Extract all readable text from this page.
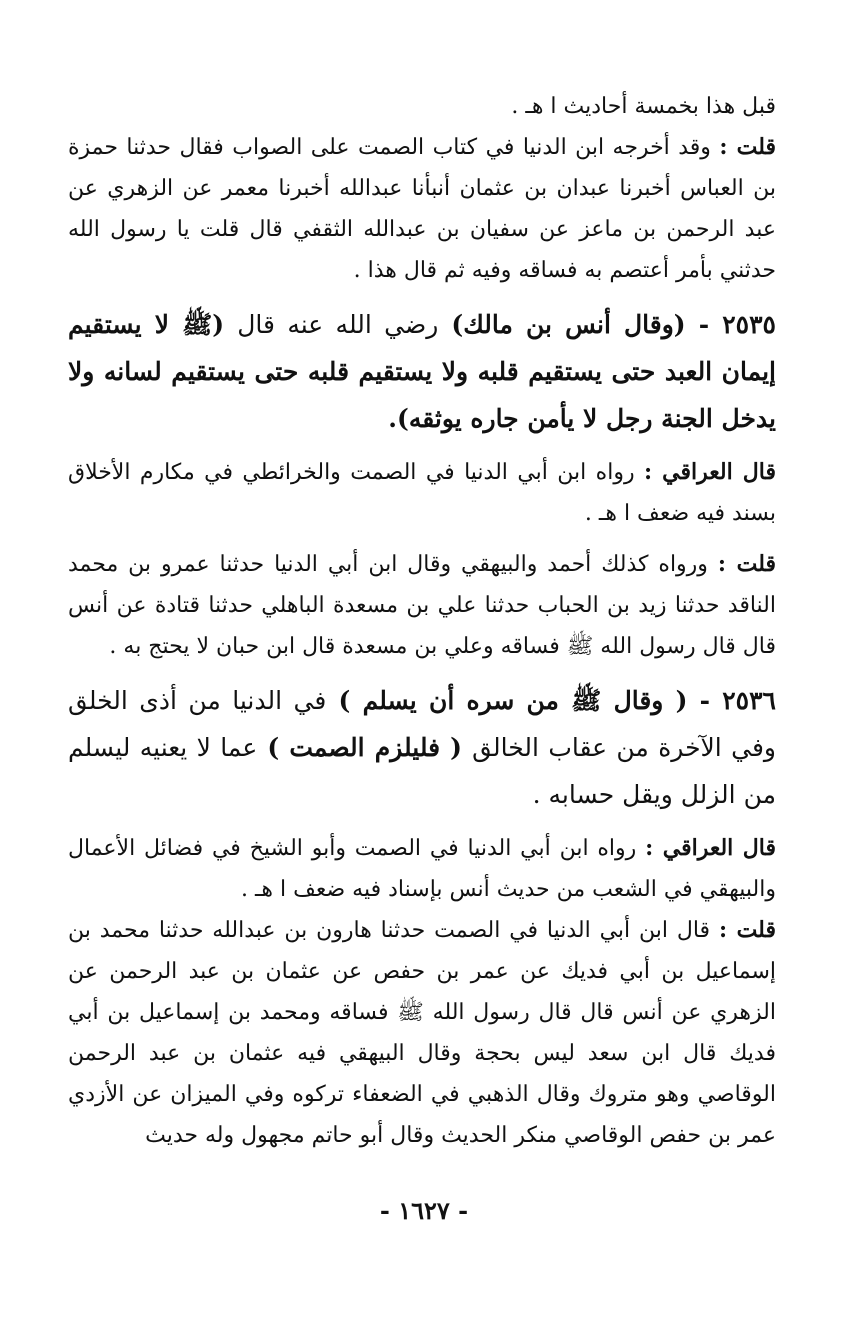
قبل هذا بخمسة أحاديث ا هـ .

قلت : وقد أخرجه ابن الدنيا في كتاب الصمت على الصواب فقال حدثنا حمزة بن العباس أخبرنا عبدان بن عثمان أنبأنا عبدالله أخبرنا معمر عن الزهري عن عبد الرحمن بن ماعز عن سفيان بن عبدالله الثقفي قال قلت يا رسول الله حدثني بأمر أعتصم به فساقه وفيه ثم قال هذا .

٢٥٣٥ - (وقال أنس بن مالك) رضي الله عنه قال (ﷺ لا يستقيم إيمان العبد حتى يستقيم قلبه ولا يستقيم قلبه حتى يستقيم لسانه ولا يدخل الجنة رجل لا يأمن جاره يوثقه).

قال العراقي : رواه ابن أبي الدنيا في الصمت والخرائطي في مكارم الأخلاق بسند فيه ضعف ا هـ .

قلت : ورواه كذلك أحمد والبيهقي وقال ابن أبي الدنيا حدثنا عمرو بن محمد الناقد حدثنا زيد بن الحباب حدثنا علي بن مسعدة الباهلي حدثنا قتادة عن أنس قال قال رسول الله ﷺ فساقه وعلي بن مسعدة قال ابن حبان لا يحتج به .

٢٥٣٦ - ( وقال ﷺ من سره أن يسلم ) في الدنيا من أذى الخلق وفي الآخرة من عقاب الخالق ( فليلزم الصمت ) عما لا يعنيه ليسلم من الزلل ويقل حسابه .

قال العراقي : رواه ابن أبي الدنيا في الصمت وأبو الشيخ في فضائل الأعمال والبيهقي في الشعب من حديث أنس بإسناد فيه ضعف ا هـ .

قلت : قال ابن أبي الدنيا في الصمت حدثنا هارون بن عبدالله حدثنا محمد بن إسماعيل بن أبي فديك عن عمر بن حفص عن عثمان بن عبد الرحمن عن الزهري عن أنس قال قال رسول الله ﷺ فساقه ومحمد بن إسماعيل بن أبي فديك قال ابن سعد ليس بحجة وقال البيهقي فيه عثمان بن عبد الرحمن الوقاصي وهو متروك وقال الذهبي في الضعفاء تركوه وفي الميزان عن الأزدي عمر بن حفص الوقاصي منكر الحديث وقال أبو حاتم مجهول وله حديث

- ١٦٢٧ -
